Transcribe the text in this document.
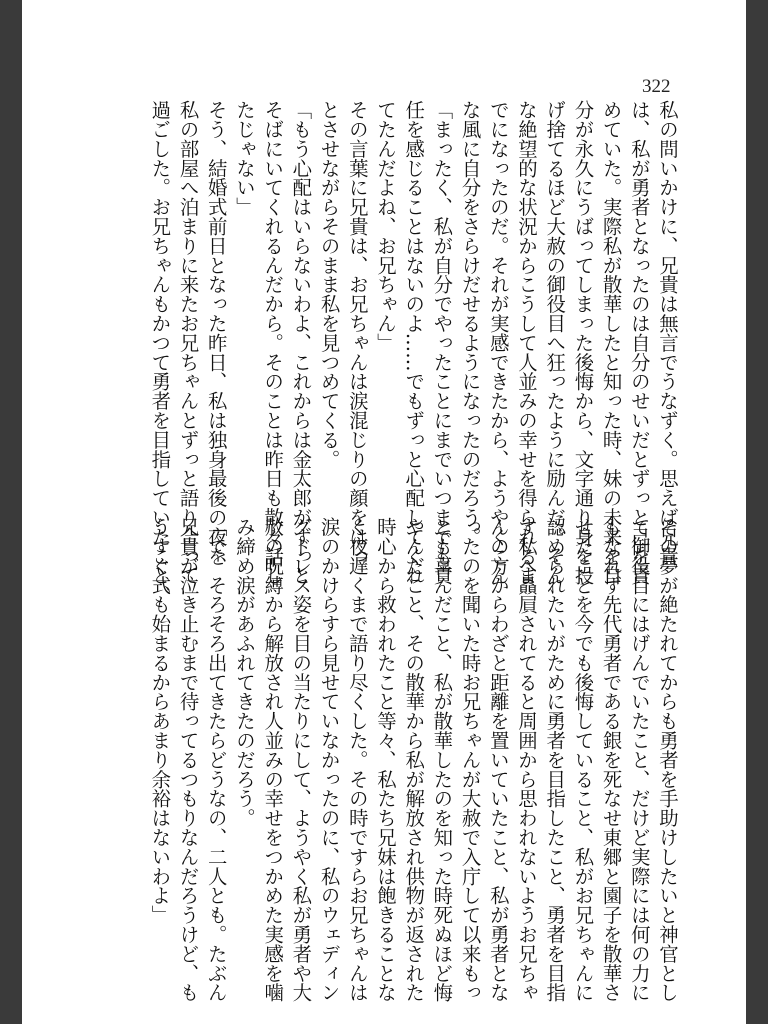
322

私の問いかけに、兄貴は無言でうなずく。思えば兄貴

は、私が勇者となったのは自分のせいだとずっと己を責

めていた。実際私が散華したと知った時、妹の未来を自

分が永久にうばってしまった後悔から、文字通り身を投

げ捨てるほど大赦の御役目へ狂ったように励んだ。そん

な絶望的な状況からこうして人並みの幸せを得られるま

でになったのだ。それが実感できたから、ようやくこん

な風に自分をさらけだせるようになったのだろう。

「まったく、私が自分でやったことにまでいつまでも責

任を感じることはないのよ……でもずっと心配してくれ

てたんだよね、お兄ちゃん」

その言葉に兄貴は、お兄ちゃんは涙混じりの顔をはっ

とさせながらそのまま私を見つめてくる。

「もう心配はいらないわよ、これからは金太郎がずっと

そばにいてくれるんだから。そのことは昨日も散々話し

たじゃない」

そう、結婚式前日となった昨日、私は独身最後の夜を

私の部屋へ泊まりに来たお兄ちゃんとずっと語り合って

過ごした。お兄ちゃんもかつて勇者を目指していたこと、

その夢が絶たれてからも勇者を手助けしたいと神官とし

て御役目にはげんでいたこと、だけど実際には何の力に

もなれず先代勇者である銀を死なせ東郷と園子を散華さ

せたことを今でも後悔していること、私がお兄ちゃんに

認められたいがために勇者を目指したこと、勇者を目指

す私へ贔屓されてると周囲から思われないようお兄ちゃ

んの方からわざと距離を置いていたこと、私が勇者とな

ったのを聞いた時お兄ちゃんが大赦で入庁して以来もっ

とも喜んだこと、私が散華したのを知った時死ぬほど悔

やんだこと、その散華から私が解放され供物が返された

時心から救われたこと等々、私たち兄妹は飽きることな

く夜遅くまで語り尽くした。その時ですらお兄ちゃんは

涙のかけらすら見せていなかったのに、私のウェディン

グドレス姿を目の当たりにして、ようやく私が勇者や大

赦の呪縛から解放され人並みの幸せをつかめた実感を噛

み締め涙があふれてきたのだろう。

「で、そろそろ出てきたらどうなの、二人とも。たぶん

兄貴が泣き止むまで待ってるつもりなんだろうけど、も

うすぐ式も始まるからあまり余裕はないわよ」
